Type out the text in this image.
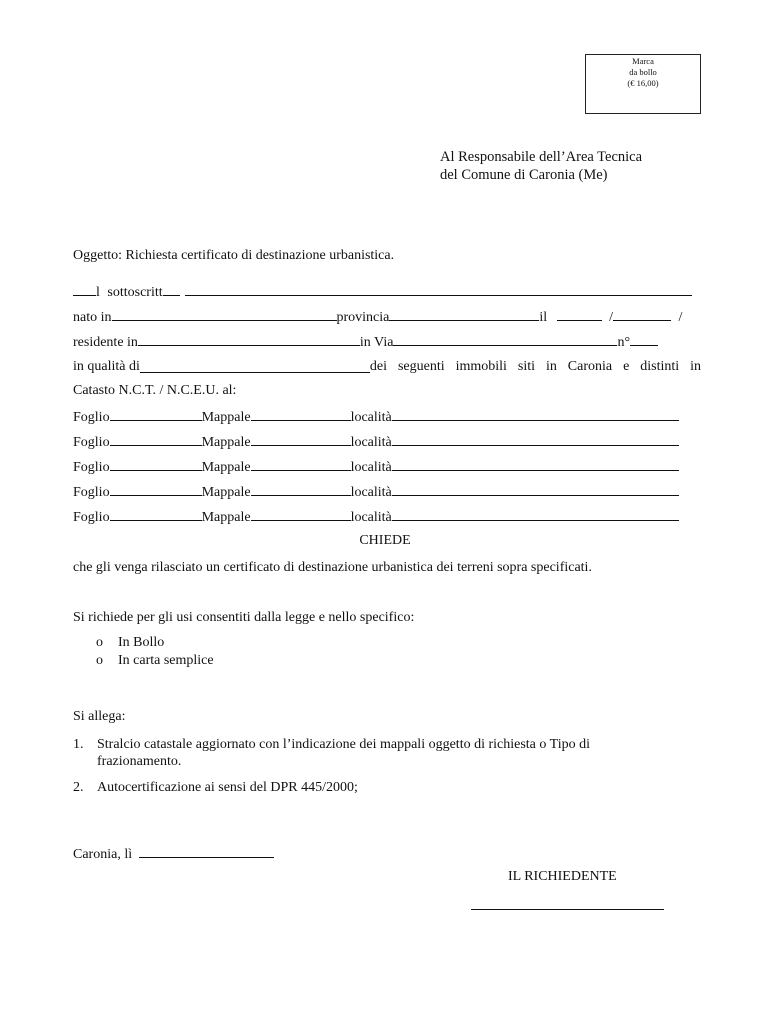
Marca
da bollo
(€ 16,00)
Al Responsabile dell’Area Tecnica
del Comune di Caronia (Me)
Oggetto: Richiesta certificato di destinazione urbanistica.
l sottoscritt
nato in	provincia	il	/	/
residente in	in Via	n°
in qualità di	dei seguenti immobili siti in Caronia e distinti in
Catasto N.C.T. / N.C.E.U. al:
Foglio	Mappale	località
Foglio	Mappale	località
Foglio	Mappale	località
Foglio	Mappale	località
Foglio	Mappale	località
CHIEDE
che gli venga rilasciato un certificato di destinazione urbanistica dei terreni sopra specificati.
Si richiede per gli usi consentiti dalla legge e nello specifico:
o In Bollo
o In carta semplice
Si allega:
1. Stralcio catastale aggiornato con l’indicazione dei mappali oggetto di richiesta o Tipo di frazionamento.
2. Autocertificazione ai sensi del DPR 445/2000;
Caronia, lì
IL RICHIEDENTE
